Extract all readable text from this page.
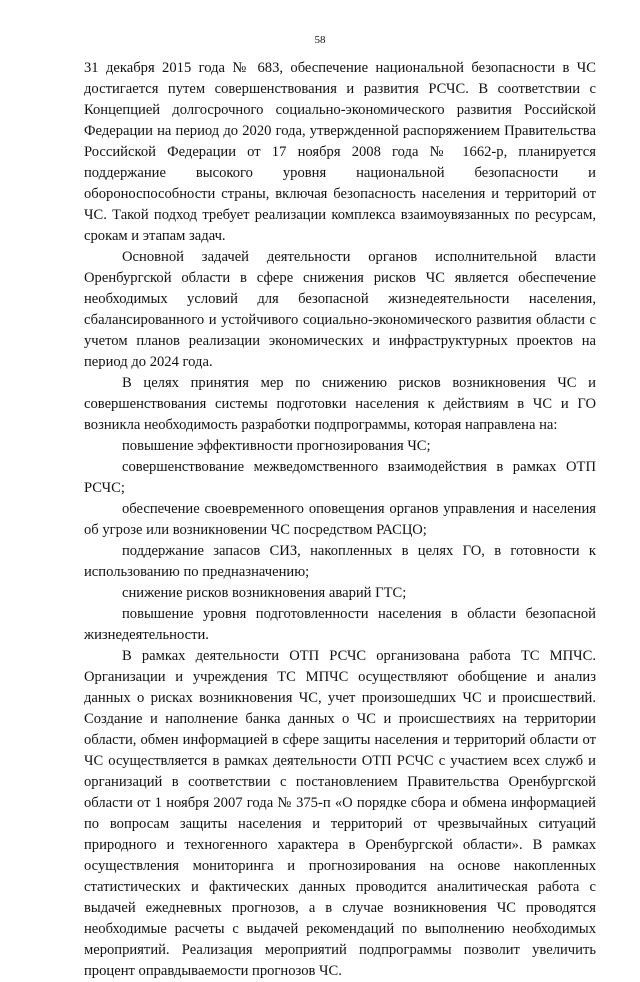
58

31 декабря 2015 года № 683, обеспечение национальной безопасности в ЧС достигается путем совершенствования и развития РСЧС. В соответствии с Концепцией долгосрочного социально-экономического развития Российской Федерации на период до 2020 года, утвержденной распоряжением Правительства Российской Федерации от 17 ноября 2008 года № 1662-р, планируется поддержание высокого уровня национальной безопасности и обороноспособности страны, включая безопасность населения и территорий от ЧС. Такой подход требует реализации комплекса взаимоувязанных по ресурсам, срокам и этапам задач.

Основной задачей деятельности органов исполнительной власти Оренбургской области в сфере снижения рисков ЧС является обеспечение необходимых условий для безопасной жизнедеятельности населения, сбалансированного и устойчивого социально-экономического развития области с учетом планов реализации экономических и инфраструктурных проектов на период до 2024 года.

В целях принятия мер по снижению рисков возникновения ЧС и совершенствования системы подготовки населения к действиям в ЧС и ГО возникла необходимость разработки подпрограммы, которая направлена на:

повышение эффективности прогнозирования ЧС;

совершенствование межведомственного взаимодействия в рамках ОТП РСЧС;

обеспечение своевременного оповещения органов управления и населения об угрозе или возникновении ЧС посредством РАСЦО;

поддержание запасов СИЗ, накопленных в целях ГО, в готовности к использованию по предназначению;

снижение рисков возникновения аварий ГТС;

повышение уровня подготовленности населения в области безопасной жизнедеятельности.

В рамках деятельности ОТП РСЧС организована работа ТС МПЧС. Организации и учреждения ТС МПЧС осуществляют обобщение и анализ данных о рисках возникновения ЧС, учет произошедших ЧС и происшествий. Создание и наполнение банка данных о ЧС и происшествиях на территории области, обмен информацией в сфере защиты населения и территорий области от ЧС осуществляется в рамках деятельности ОТП РСЧС с участием всех служб и организаций в соответствии с постановлением Правительства Оренбургской области от 1 ноября 2007 года № 375-п «О порядке сбора и обмена информацией по вопросам защиты населения и территорий от чрезвычайных ситуаций природного и техногенного характера в Оренбургской области». В рамках осуществления мониторинга и прогнозирования на основе накопленных статистических и фактических данных проводится аналитическая работа с выдачей ежедневных прогнозов, а в случае возникновения ЧС проводятся необходимые расчеты с выдачей рекомендаций по выполнению необходимых мероприятий. Реализация мероприятий подпрограммы позволит увеличить процент оправдываемости прогнозов ЧС.
